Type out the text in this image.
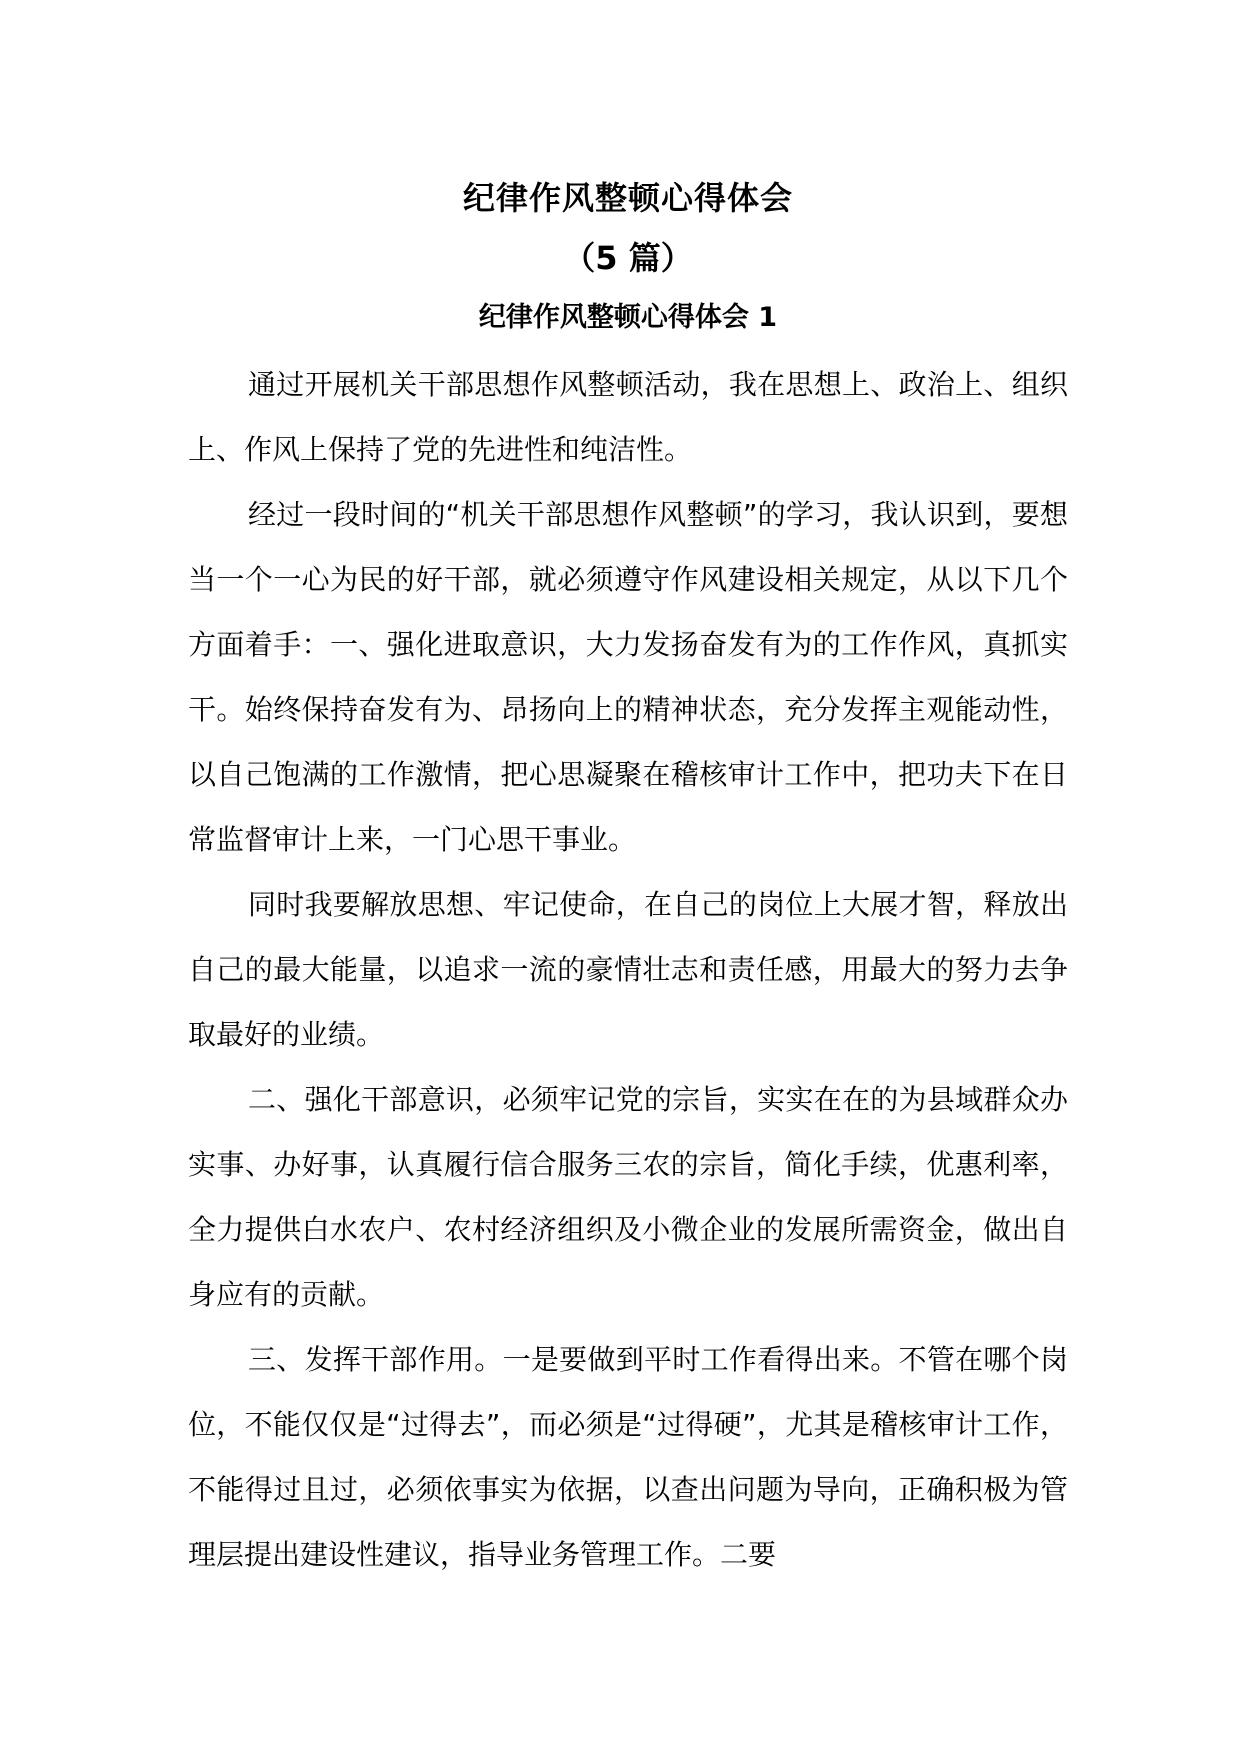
纪律作风整顿心得体会
（5 篇）
纪律作风整顿心得体会 1

通过开展机关干部思想作风整顿活动，我在思想上、政治上、组织上、作风上保持了党的先进性和纯洁性。

经过一段时间的“机关干部思想作风整顿”的学习，我认识到，要想当一个一心为民的好干部，就必须遵守作风建设相关规定，从以下几个方面着手：一、强化进取意识，大力发扬奋发有为的工作作风，真抓实干。始终保持奋发有为、昂扬向上的精神状态，充分发挥主观能动性，以自己饱满的工作激情，把心思凝聚在稽核审计工作中，把功夫下在日常监督审计上来，一门心思干事业。

同时我要解放思想、牢记使命，在自己的岗位上大展才智，释放出自己的最大能量，以追求一流的豪情壮志和责任感，用最大的努力去争取最好的业绩。

二、强化干部意识，必须牢记党的宗旨，实实在在的为县域群众办实事、办好事，认真履行信合服务三农的宗旨，简化手续，优惠利率，全力提供白水农户、农村经济组织及小微企业的发展所需资金，做出自身应有的贡献。

三、发挥干部作用。一是要做到平时工作看得出来。不管在哪个岗位，不能仅仅是“过得去”，而必须是“过得硬”，尤其是稽核审计工作，不能得过且过，必须依事实为依据，以查出问题为导向，正确积极为管理层提出建设性建议，指导业务管理工作。二要
